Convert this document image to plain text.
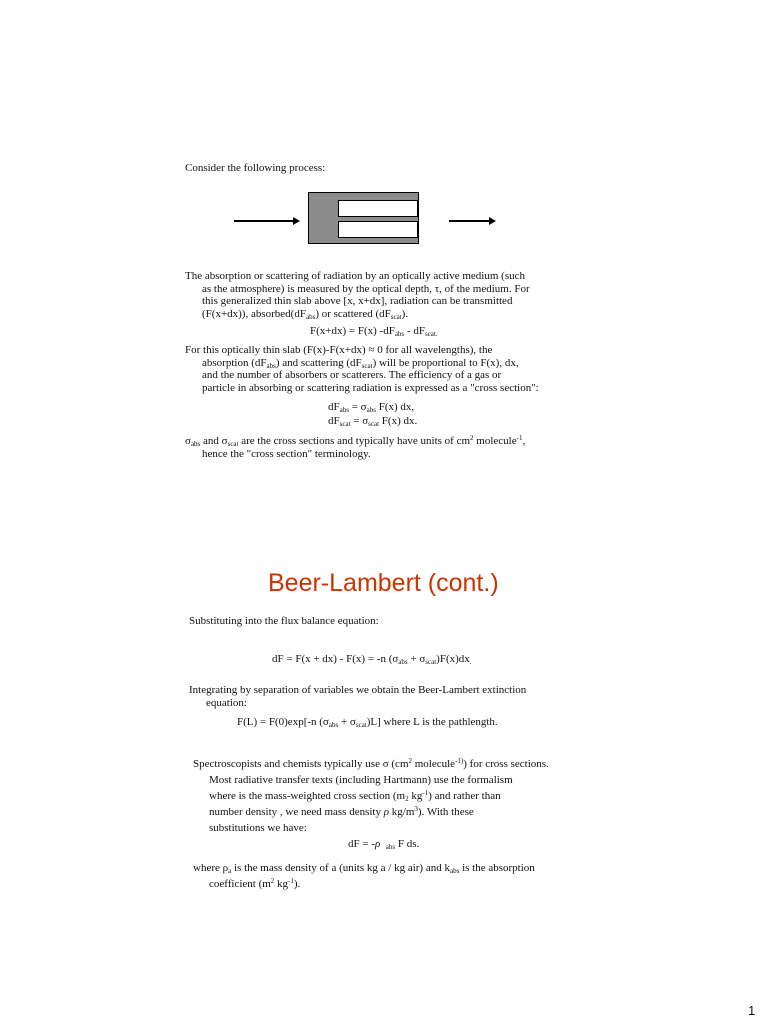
Consider the following process:
The absorption or scattering of radiation by an optically active medium (such
as the atmosphere) is measured by the optical depth, τ, of the medium. For
this generalized thin slab above [x, x+dx], radiation can be transmitted
(F(x+dx)), $absorbed(dF_{abs})$ or scattered $(dF_{scat})$.
F(x+dx) = F(x) $-dF_{abs} - dF_{scat.}$
For this optically thin slab (F(x)-F(x+dx) ≈ 0 for all wavelengths), the
absorption $(dF_{abs})$ and scattering $(dF_{scat})$ will be proportional to F(x), dx,
and the number of absorbers or scatterers. The efficiency of a gas or
particle in absorbing or scattering radiation is expressed as a "cross section":
$dF_{abs} = \sigma_{abs}$ F(x) dx,
$dF_{scat} = \sigma_{scat}$ F(x) dx.
$\sigma_{abs}$ and $\sigma_{scat}$ are the cross sections and typically have units of $cm^2$ molecule$^{-1}$,
hence the "cross section" terminology.
Beer-Lambert (cont.)
Substituting into the flux balance equation:
dF = F(x + dx) - F(x) = -n $(\sigma_{abs} + \sigma_{scat})F(x)dx_.$
Integrating by separation of variables we obtain the Beer-Lambert extinction
equation:
F(L) = F(0)exp[-n $(\sigma_{abs} + \sigma_{scat})L$] where L is the pathlength.
Spectroscopists and chemists typically use σ ($cm^2$ molecule$^{-1)}$) for cross sections.
Most radiative transfer texts (including Hartmann) use the formalism
where is the mass-weighted cross section ($m_2$ $kg^{-1}$) and rather than
number density , we need mass density ρ $kg/m^3$). With these
substitutions we have:
dF = -ρ $_{abs}$ F ds.
where $\rho_a$ is the mass density of a (units kg a / kg air) and $k_{abs}$ is the absorption
coefficient ($m^2$ $kg^{-1}$).
1
